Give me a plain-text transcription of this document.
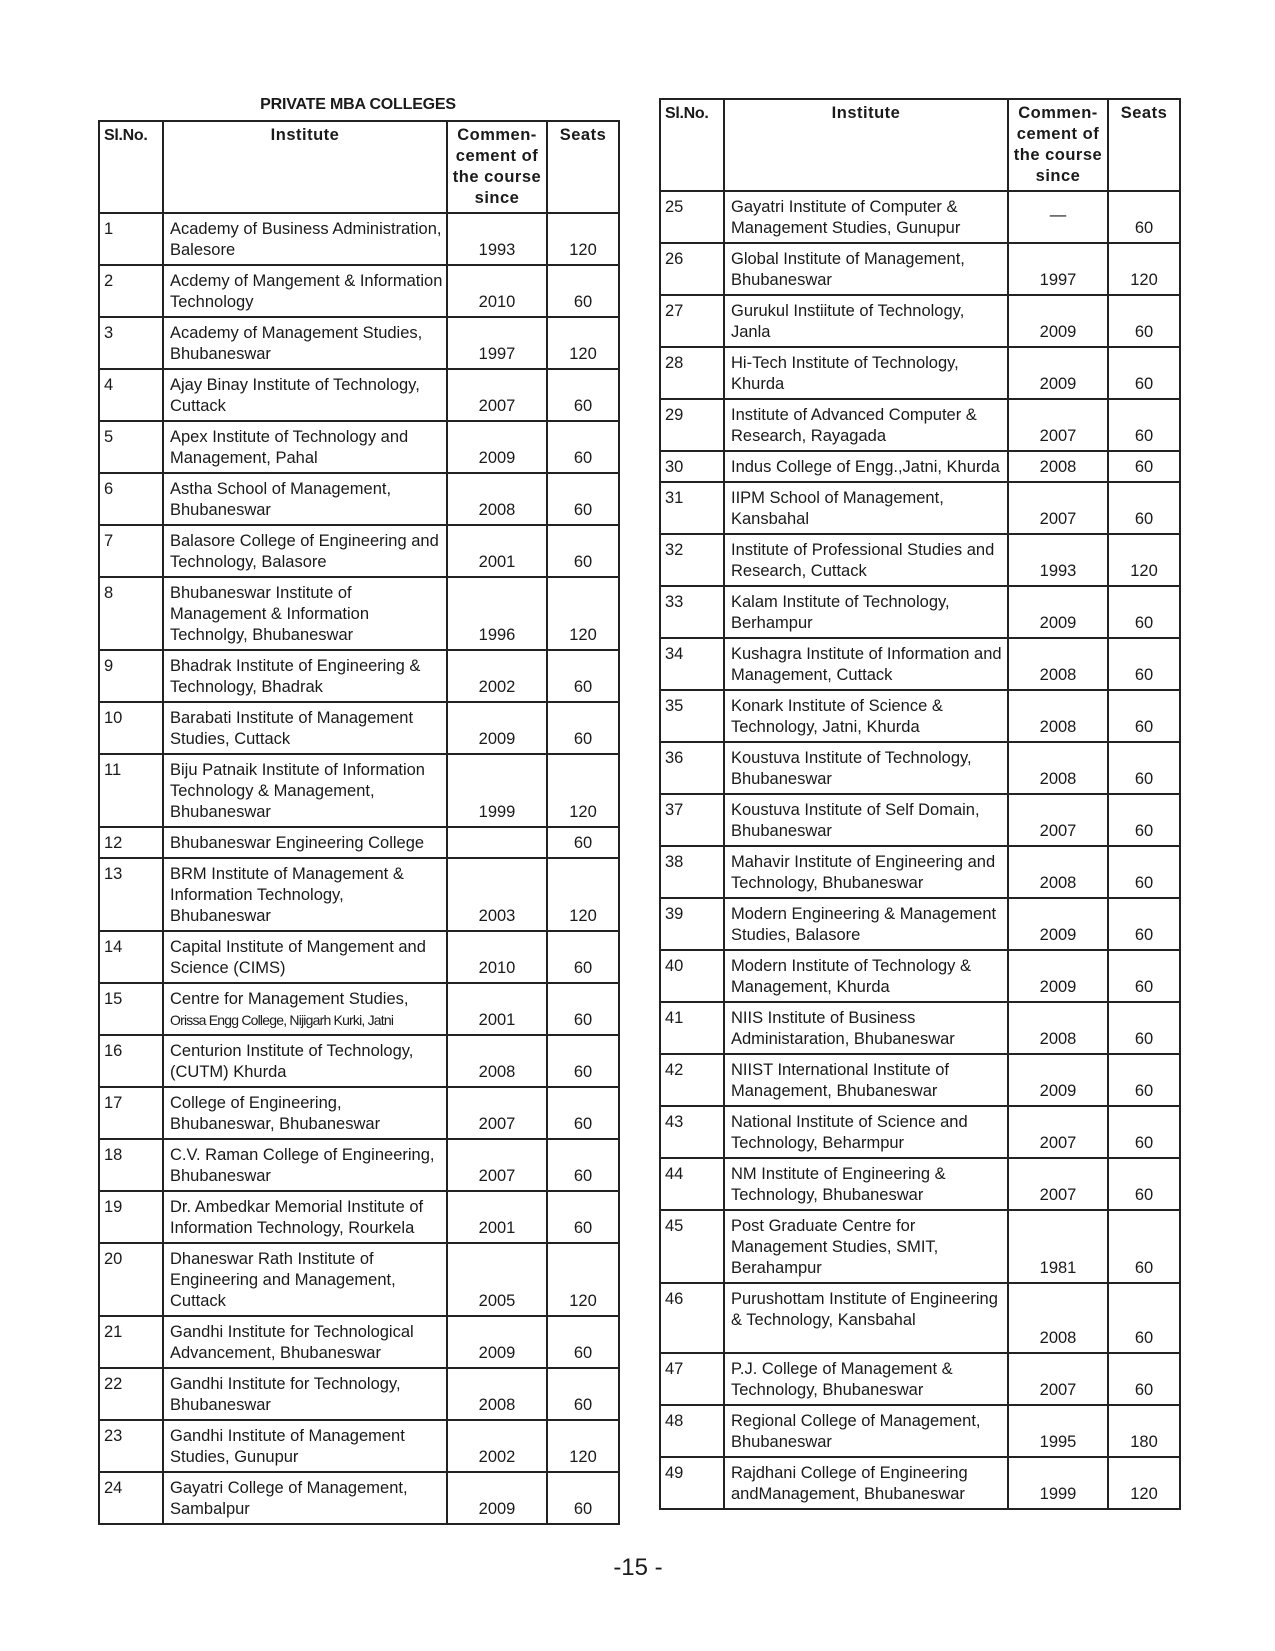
PRIVATE MBA COLLEGES
Sl.No.	Institute	Commen-cement of the course since	Seats
1	Academy of Business Administration, Balesore	1993	120
2	Acdemy of Mangement & Information Technology	2010	60
3	Academy of Management Studies, Bhubaneswar	1997	120
4	Ajay Binay Institute of Technology, Cuttack	2007	60
5	Apex Institute of Technology and Management, Pahal	2009	60
6	Astha School of Management, Bhubaneswar	2008	60
7	Balasore College of Engineering and Technology, Balasore	2001	60
8	Bhubaneswar Institute of Management & Information Technolgy, Bhubaneswar	1996	120
9	Bhadrak Institute of Engineering & Technology, Bhadrak	2002	60
10	Barabati Institute of Management Studies, Cuttack	2009	60
11	Biju Patnaik Institute of Information Technology & Management, Bhubaneswar	1999	120
12	Bhubaneswar Engineering College		60
13	BRM Institute of Management & Information Technology, Bhubaneswar	2003	120
14	Capital Institute of Mangement and Science (CIMS)	2010	60
15	Centre for Management Studies,
Orissa Engg College, Nijigarh Kurki, Jatni	2001	60
16	Centurion Institute of Technology, (CUTM) Khurda	2008	60
17	College of Engineering, Bhubaneswar, Bhubaneswar	2007	60
18	C.V. Raman College of Engineering, Bhubaneswar	2007	60
19	Dr. Ambedkar Memorial Institute of Information Technology, Rourkela	2001	60
20	Dhaneswar Rath Institute of Engineering and Management, Cuttack	2005	120
21	Gandhi Institute for Technological Advancement, Bhubaneswar	2009	60
22	Gandhi Institute for Technology, Bhubaneswar	2008	60
23	Gandhi Institute of Management Studies, Gunupur	2002	120
24	Gayatri College of Management, Sambalpur	2009	60
Sl.No.	Institute	Commen-cement of the course since	Seats
25	Gayatri Institute of Computer & Management Studies, Gunupur	—	60
26	Global Institute of Management, Bhubaneswar	1997	120
27	Gurukul Instiitute of Technology, Janla	2009	60
28	Hi-Tech Institute of Technology, Khurda	2009	60
29	Institute of Advanced Computer & Research, Rayagada	2007	60
30	Indus College of Engg.,Jatni, Khurda	2008	60
31	IIPM School of Management, Kansbahal	2007	60
32	Institute of Professional Studies and Research, Cuttack	1993	120
33	Kalam Institute of Technology, Berhampur	2009	60
34	Kushagra Institute of Information and Management, Cuttack	2008	60
35	Konark Institute of Science & Technology, Jatni, Khurda	2008	60
36	Koustuva Institute of Technology, Bhubaneswar	2008	60
37	Koustuva Institute of Self Domain, Bhubaneswar	2007	60
38	Mahavir Institute of Engineering and Technology, Bhubaneswar	2008	60
39	Modern Engineering & Management Studies, Balasore	2009	60
40	Modern Institute of Technology & Management, Khurda	2009	60
41	NIIS Institute of Business Administaration, Bhubaneswar	2008	60
42	NIIST International Institute of Management, Bhubaneswar	2009	60
43	National Institute of Science and Technology, Beharmpur	2007	60
44	NM Institute of Engineering & Technology, Bhubaneswar	2007	60
45	Post Graduate Centre for Management Studies, SMIT, Berahampur	1981	60
46	Purushottam Institute of Engineering & Technology, Kansbahal	2008	60
47	P.J. College of Management & Technology, Bhubaneswar	2007	60
48	Regional College of Management, Bhubaneswar	1995	180
49	Rajdhani College of Engineering andManagement, Bhubaneswar	1999	120
-15 -
